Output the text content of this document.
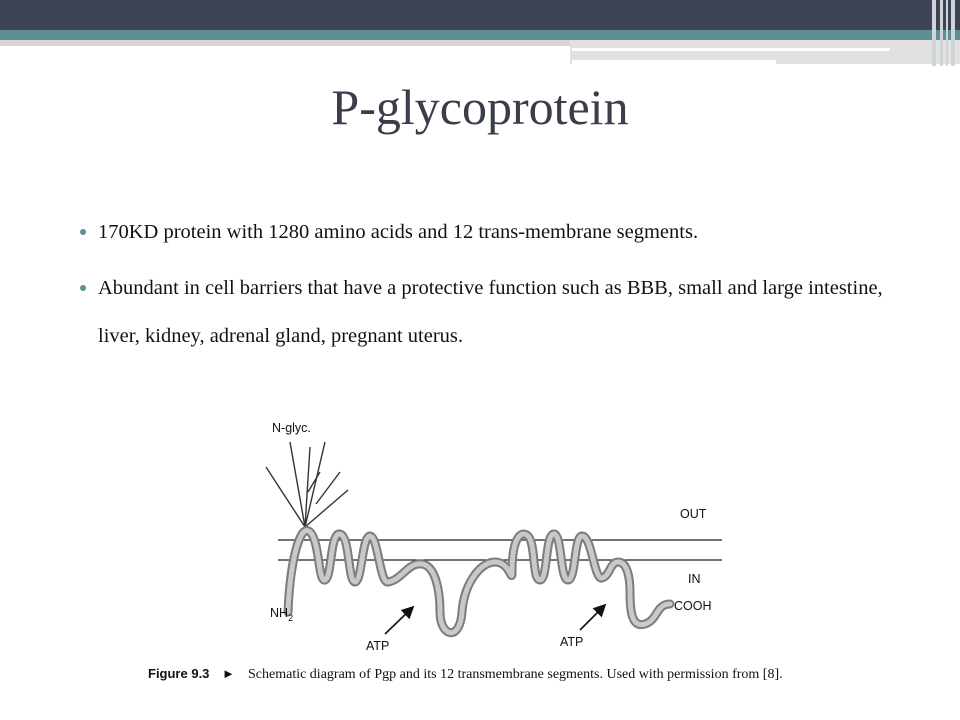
P-glycoprotein
170KD protein with 1280 amino acids and 12 trans-membrane segments.
Abundant in cell barriers that have a protective function such as BBB, small and large intestine, liver, kidney, adrenal gland, pregnant uterus.
N-glyc.
OUT
IN
$NH_2$
COOH
ATP	ATP
Figure 9.3 ► Schematic diagram of Pgp and its 12 transmembrane segments. Used with permission from [8].
